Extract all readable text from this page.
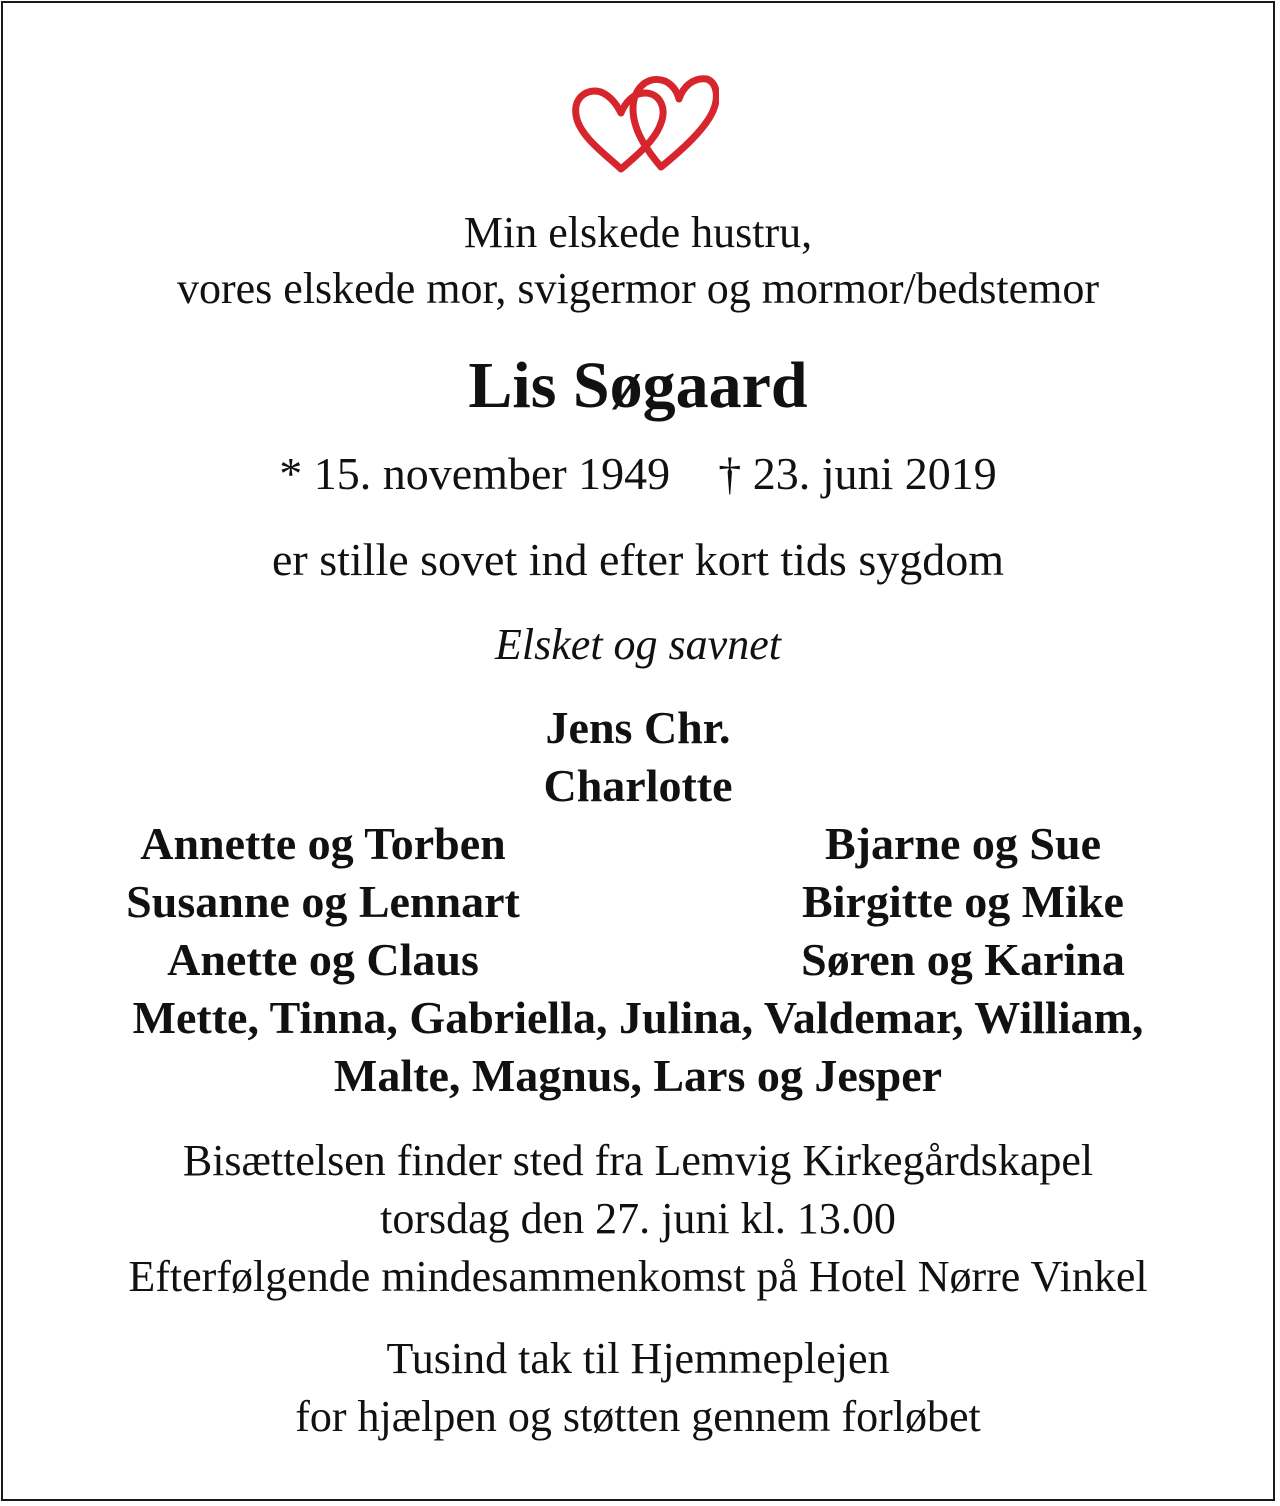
Min elskede hustru,
vores elskede mor, svigermor og mormor/bedstemor
Lis Søgaard
* 15. november 1949 † 23. juni 2019
er stille sovet ind efter kort tids sygdom
Elsket og savnet
Jens Chr.
Charlotte
Annette og Torben	Bjarne og Sue
Susanne og Lennart	Birgitte og Mike
Anette og Claus	Søren og Karina
Mette, Tinna, Gabriella, Julina, Valdemar, William,
Malte, Magnus, Lars og Jesper
Bisættelsen finder sted fra Lemvig Kirkegårdskapel
torsdag den 27. juni kl. 13.00
Efterfølgende mindesammenkomst på Hotel Nørre Vinkel
Tusind tak til Hjemmeplejen
for hjælpen og støtten gennem forløbet
